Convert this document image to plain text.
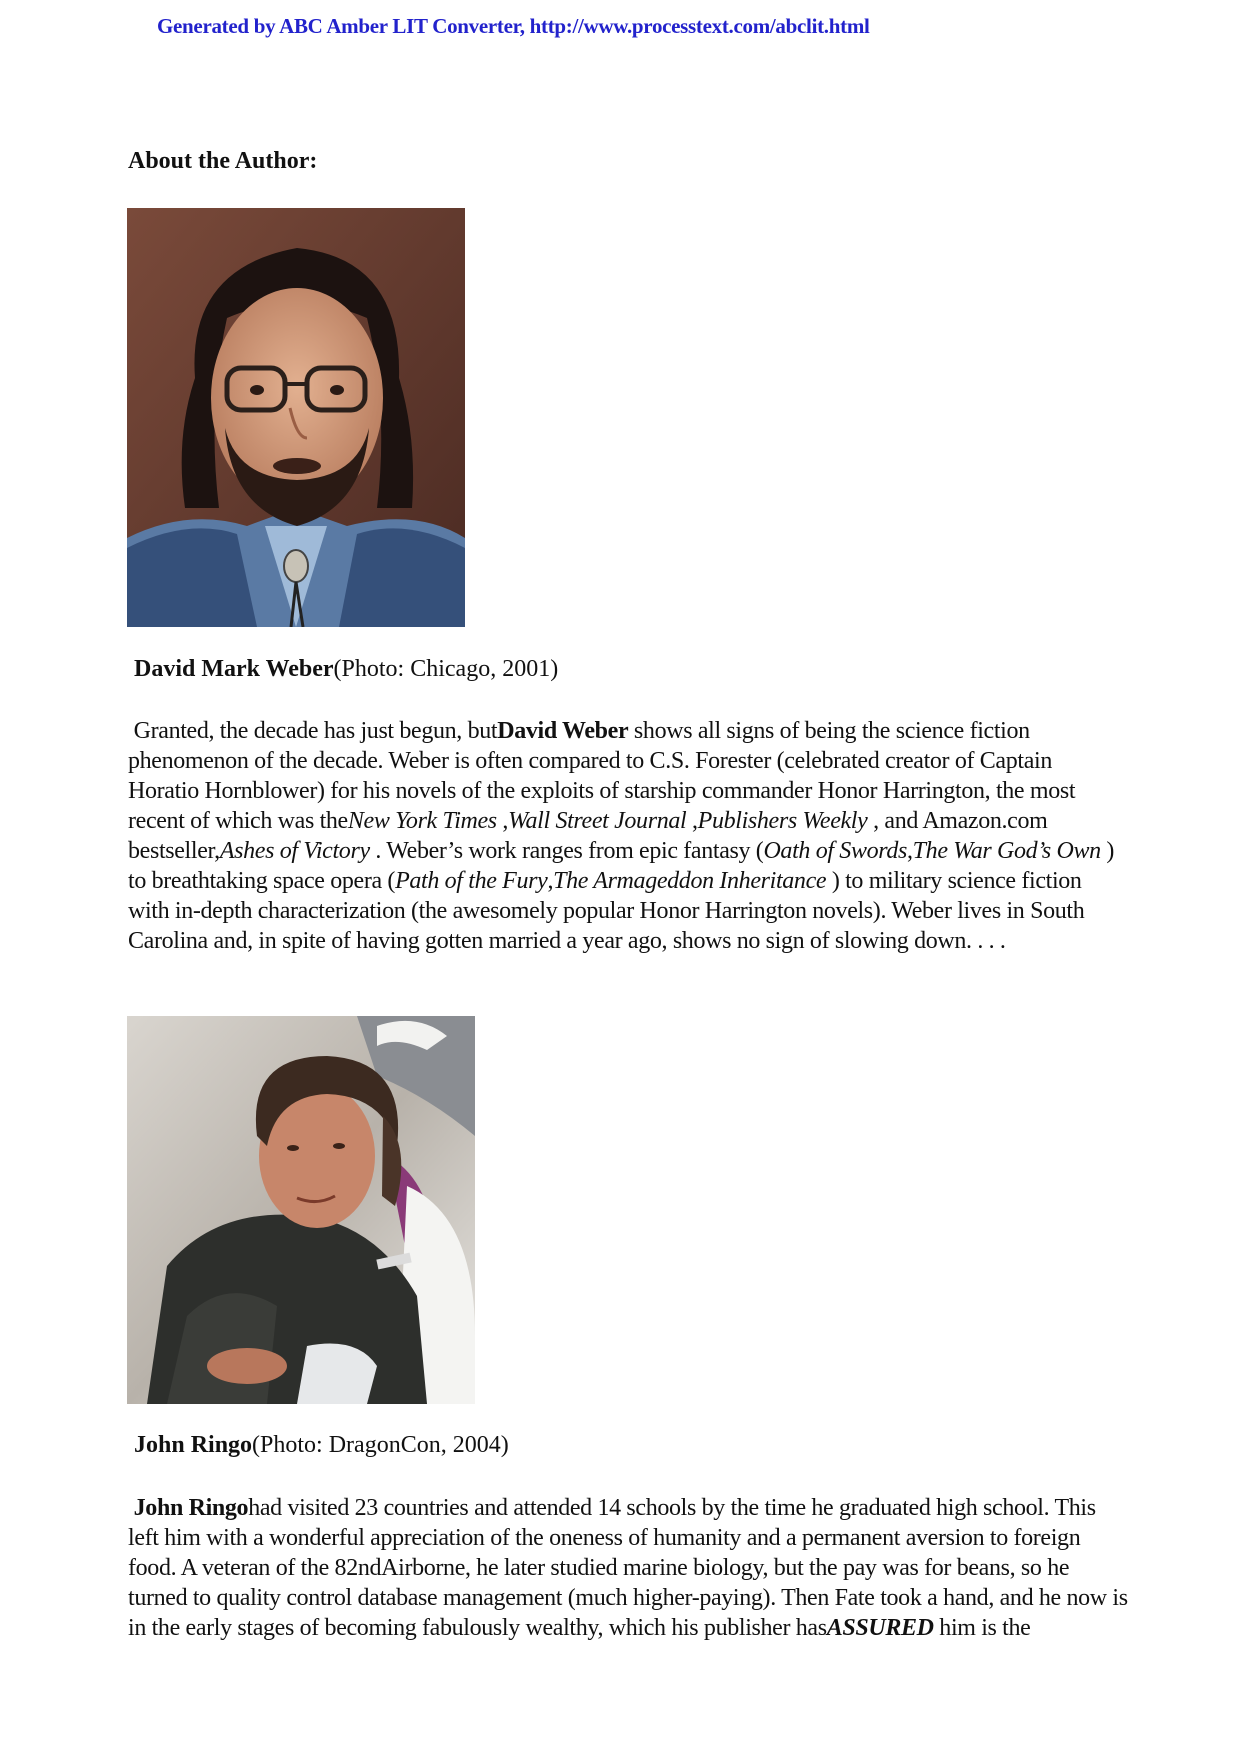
Generated by ABC Amber LIT Converter, http://www.processtext.com/abclit.html
About the Author:

David Mark Weber(Photo: Chicago, 2001)

Granted, the decade has just begun, butDavid Weber shows all signs of being the science fiction phenomenon of the decade. Weber is often compared to C.S. Forester (celebrated creator of Captain Horatio Hornblower) for his novels of the exploits of starship commander Honor Harrington, the most recent of which was theNew York Times ,Wall Street Journal ,Publishers Weekly , and Amazon.com bestseller,Ashes of Victory . Weber’s work ranges from epic fantasy (Oath of Swords,The War God’s Own ) to breathtaking space opera (Path of the Fury,The Armageddon Inheritance ) to military science fiction with in-depth characterization (the awesomely popular Honor Harrington novels). Weber lives in South Carolina and, in spite of having gotten married a year ago, shows no sign of slowing down. . . .

John Ringo(Photo: DragonCon, 2004)

John Ringohad visited 23 countries and attended 14 schools by the time he graduated high school. This left him with a wonderful appreciation of the oneness of humanity and a permanent aversion to foreign food. A veteran of the 82ndAirborne, he later studied marine biology, but the pay was for beans, so he turned to quality control database management (much higher-paying). Then Fate took a hand, and he now is in the early stages of becoming fabulously wealthy, which his publisher hasASSURED him is the
